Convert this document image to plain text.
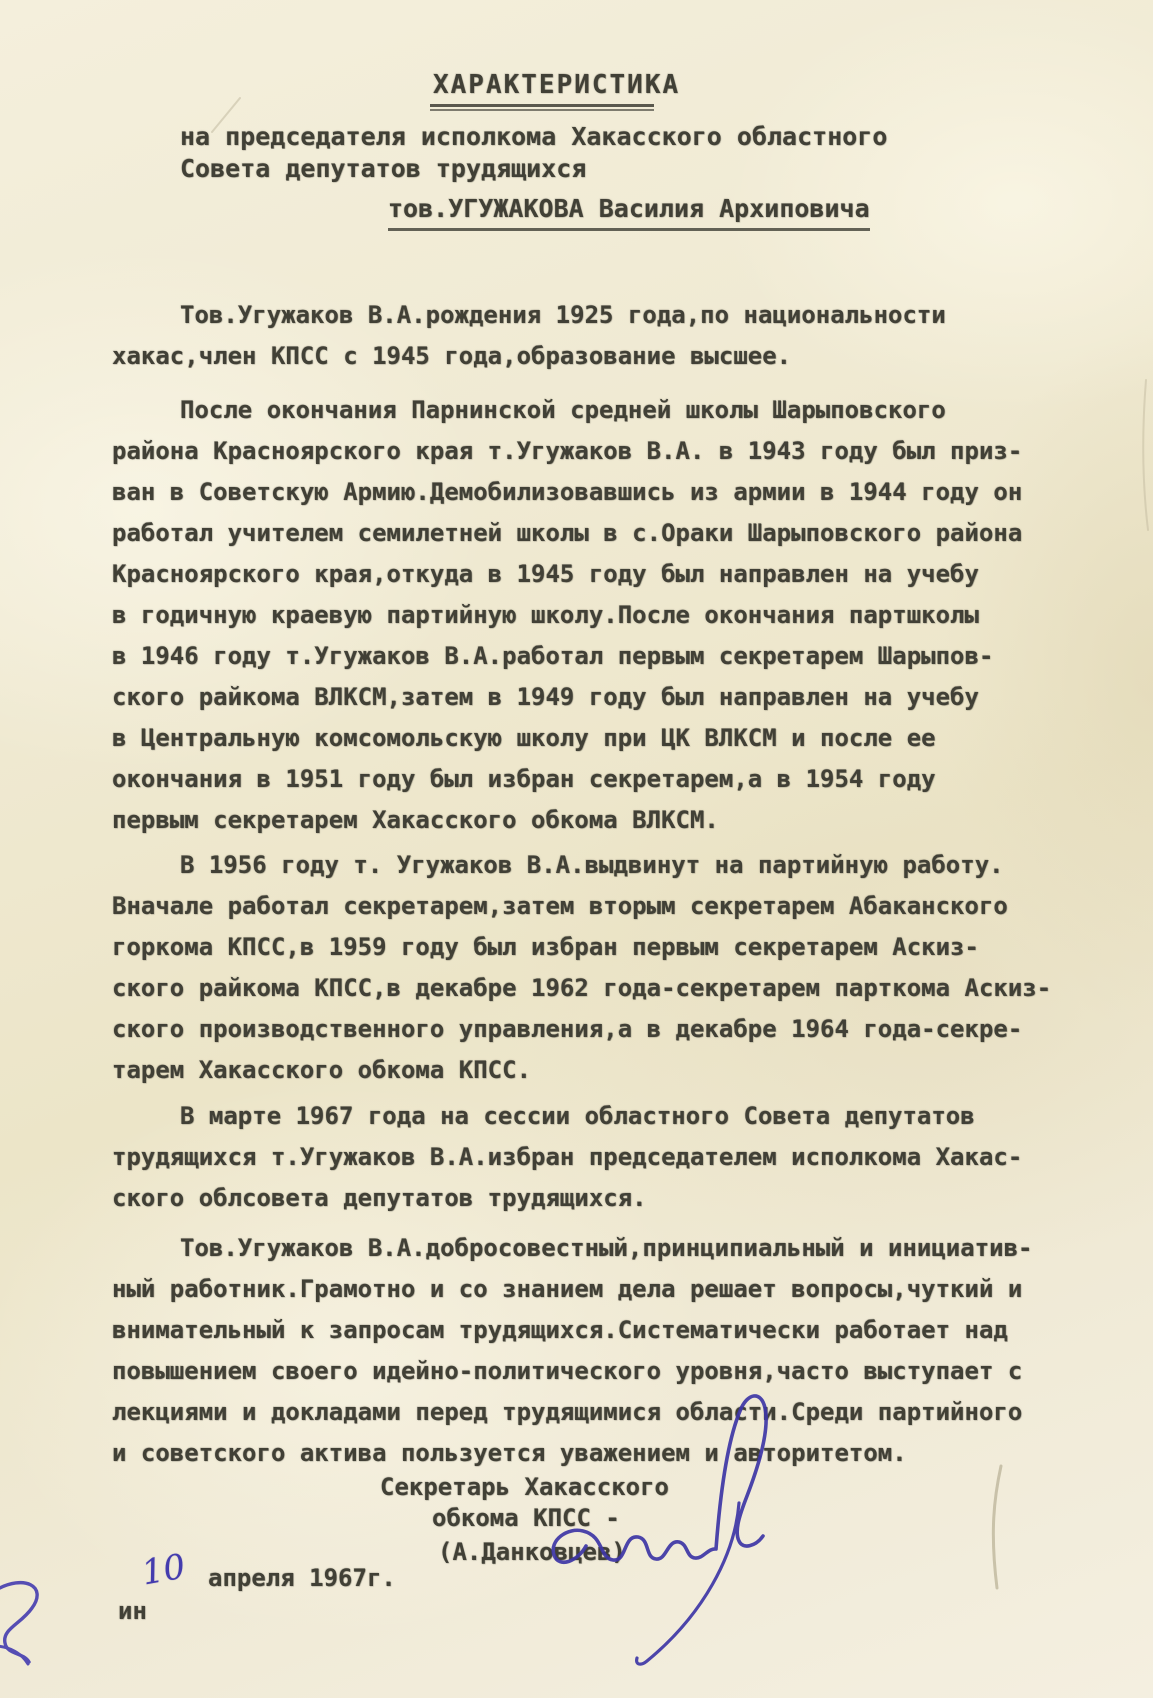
ХАРАКТЕРИСТИКА
на председателя исполкома Хакасского областного
Совета депутатов трудящихся
тов.УГУЖАКОВА Василия Архиповича
Тов.Угужаков В.А.рождения 1925 года,по национальности
хакас,член КПСС с 1945 года,образование высшее.
После окончания Парнинской средней школы Шарыповского
района Красноярского края т.Угужаков В.А. в 1943 году был приз-
ван в Советскую Армию.Демобилизовавшись из армии в 1944 году он
работал учителем семилетней школы в с.Ораки Шарыповского района
Красноярского края,откуда в 1945 году был направлен на учебу
в годичную краевую партийную школу.После окончания партшколы
в 1946 году т.Угужаков В.А.работал первым секретарем Шарыпов-
ского райкома ВЛКСМ,затем в 1949 году был направлен на учебу
в Центральную комсомольскую школу при ЦК ВЛКСМ и после ее
окончания в 1951 году был избран секретарем,а в 1954 году
первым секретарем Хакасского обкома ВЛКСМ.
В 1956 году т. Угужаков В.А.выдвинут на партийную работу.
Вначале работал секретарем,затем вторым секретарем Абаканского
горкома КПСС,в 1959 году был избран первым секретарем Аскиз-
ского райкома КПСС,в декабре 1962 года-секретарем парткома Аскиз-
ского производственного управления,а в декабре 1964 года-секре-
тарем Хакасского обкома КПСС.
В марте 1967 года на сессии областного Совета депутатов
трудящихся т.Угужаков В.А.избран председателем исполкома Хакас-
ского облсовета депутатов трудящихся.
Тов.Угужаков В.А.добросовестный,принципиальный и инициатив-
ный работник.Грамотно и со знанием дела решает вопросы,чуткий и
внимательный к запросам трудящихся.Систематически работает над
повышением своего идейно-политического уровня,часто выступает с
лекциями и докладами перед трудящимися области.Среди партийного
и советского актива пользуется уважением и авторитетом.
Секретарь Хакасского
обкома КПСС -
(А.Данковцев)
10 апреля 1967г.
ин
